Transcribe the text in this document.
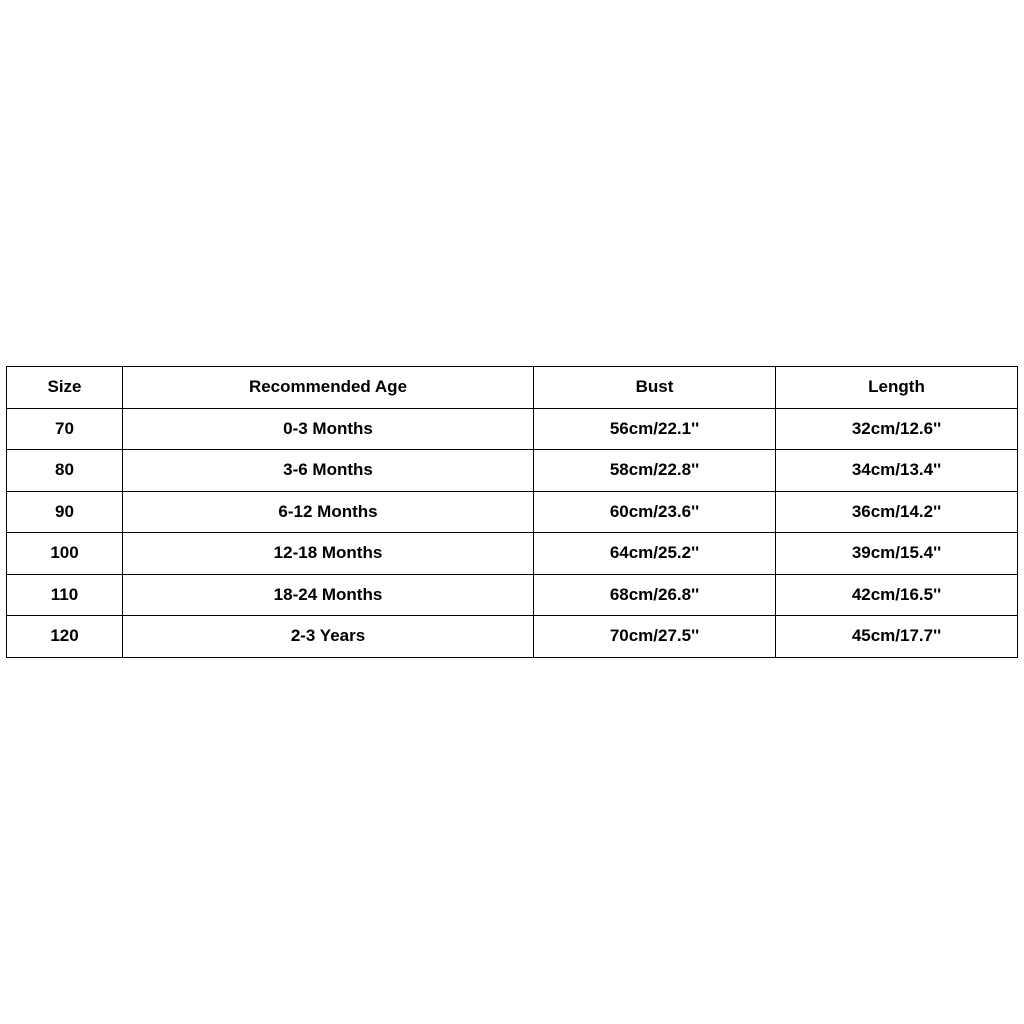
Size	Recommended Age	Bust	Length
70	0-3 Months	56cm/22.1''	32cm/12.6''
80	3-6 Months	58cm/22.8''	34cm/13.4''
90	6-12 Months	60cm/23.6''	36cm/14.2''
100	12-18 Months	64cm/25.2''	39cm/15.4''
110	18-24 Months	68cm/26.8''	42cm/16.5''
120	2-3 Years	70cm/27.5''	45cm/17.7''
